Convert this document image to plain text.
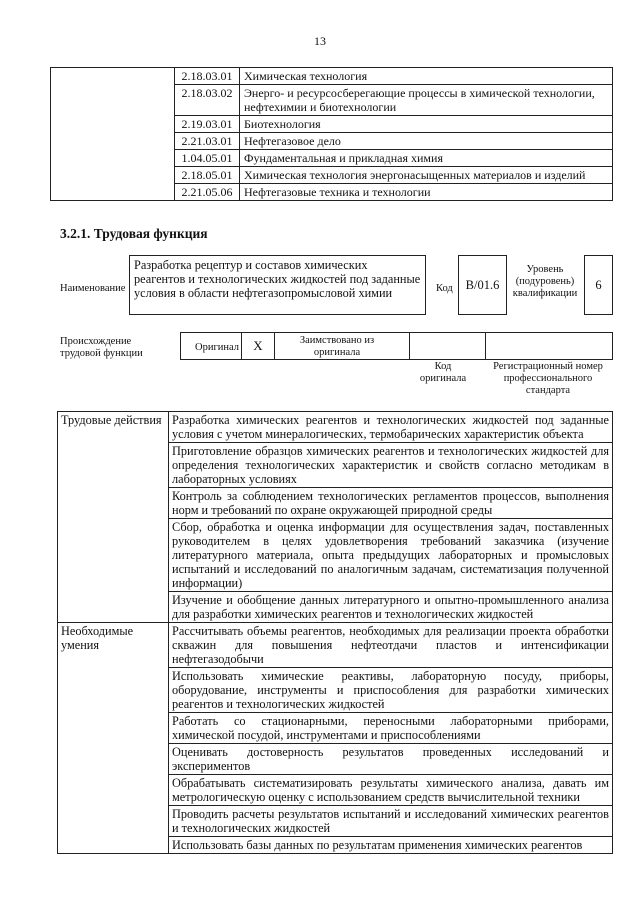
13
	2.18.03.01	Химическая технология
	2.18.03.02	Энерго- и ресурсосберегающие процессы в химической технологии, нефтехимии и биотехнологии
	2.19.03.01	Биотехнология
	2.21.03.01	Нефтегазовое дело
	1.04.05.01	Фундаментальная и прикладная химия
	2.18.05.01	Химическая технология энергонасыщенных материалов и изделий
	2.21.05.06	Нефтегазовые техника и технологии
3.2.1. Трудовая функция
Наименование
Разработка рецептур и составов химических реагентов и технологических жидкостей под заданные условия в области нефтегазопромысловой химии	Код B/01.6
Уровень (подуровень) квалификации
6
Происхождение трудовой функции
Оригинал	X	Заимствовано из оригинала
Код оригинала
Регистрационный номер профессионального стандарта
Трудовые действия	Разработка химических реагентов и технологических жидкостей под заданные условия с учетом минералогических, термобарических характеристик объекта
	Приготовление образцов химических реагентов и технологических жидкостей для определения технологических характеристик и свойств согласно методикам в лабораторных условиях
	Контроль за соблюдением технологических регламентов процессов, выполнения норм и требований по охране окружающей природной среды
	Сбор, обработка и оценка информации для осуществления задач, поставленных руководителем в целях удовлетворения требований заказчика (изучение литературного материала, опыта предыдущих лабораторных и промысловых испытаний и исследований по аналогичным задачам, систематизация полученной информации)
	Изучение и обобщение данных литературного и опытно-промышленного анализа для разработки химических реагентов и технологических жидкостей
Необходимые умения	Рассчитывать объемы реагентов, необходимых для реализации проекта обработки скважин для повышения нефтеотдачи пластов и интенсификации нефтегазодобычи
	Использовать химические реактивы, лабораторную посуду, приборы, оборудование, инструменты и приспособления для разработки химических реагентов и технологических жидкостей
	Работать со стационарными, переносными лабораторными приборами, химической посудой, инструментами и приспособлениями
	Оценивать достоверность результатов проведенных исследований и экспериментов
	Обрабатывать систематизировать результаты химического анализа, давать им метрологическую оценку с использованием средств вычислительной техники
	Проводить расчеты результатов испытаний и исследований химических реагентов и технологических жидкостей
	Использовать базы данных по результатам применения химических реагентов
